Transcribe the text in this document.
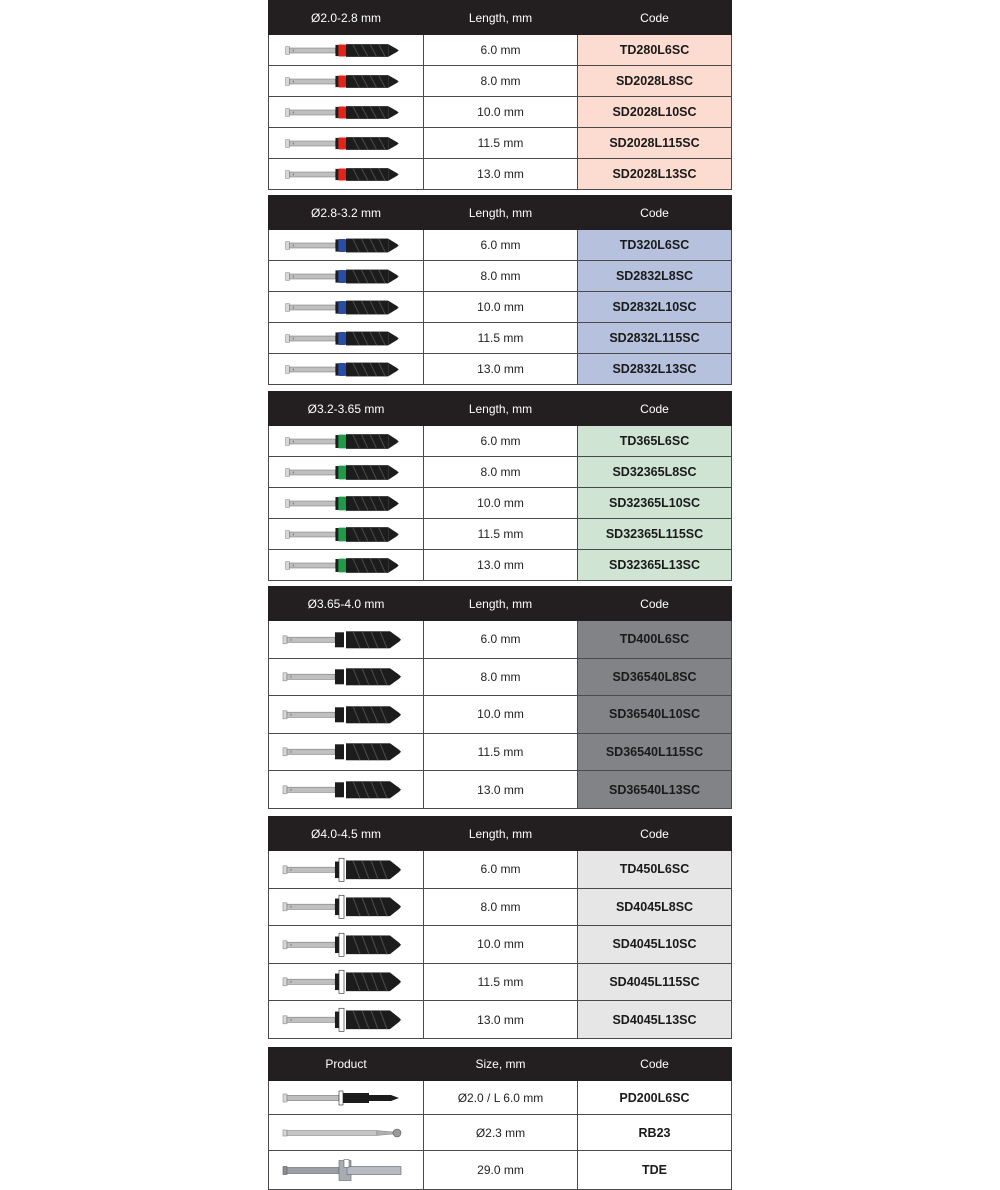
Ø2.0-2.8 mm	Length, mm	Code

	6.0 mm	TD280L6SC

	8.0 mm	SD2028L8SC

	10.0 mm	SD2028L10SC

	11.5 mm	SD2028L115SC

	13.0 mm	SD2028L13SC
Ø2.8-3.2 mm	Length, mm	Code

	6.0 mm	TD320L6SC

	8.0 mm	SD2832L8SC

	10.0 mm	SD2832L10SC

	11.5 mm	SD2832L115SC

	13.0 mm	SD2832L13SC
Ø3.2-3.65 mm	Length, mm	Code

	6.0 mm	TD365L6SC

	8.0 mm	SD32365L8SC

	10.0 mm	SD32365L10SC

	11.5 mm	SD32365L115SC

	13.0 mm	SD32365L13SC
Ø3.65-4.0 mm	Length, mm	Code

	6.0 mm	TD400L6SC

	8.0 mm	SD36540L8SC

	10.0 mm	SD36540L10SC

	11.5 mm	SD36540L115SC

	13.0 mm	SD36540L13SC
Ø4.0-4.5 mm	Length, mm	Code

	6.0 mm	TD450L6SC

	8.0 mm	SD4045L8SC

	10.0 mm	SD4045L10SC

	11.5 mm	SD4045L115SC

	13.0 mm	SD4045L13SC
Product	Size, mm	Code

	Ø2.0 / L 6.0 mm	PD200L6SC

	Ø2.3 mm	RB23

	29.0 mm	TDE
